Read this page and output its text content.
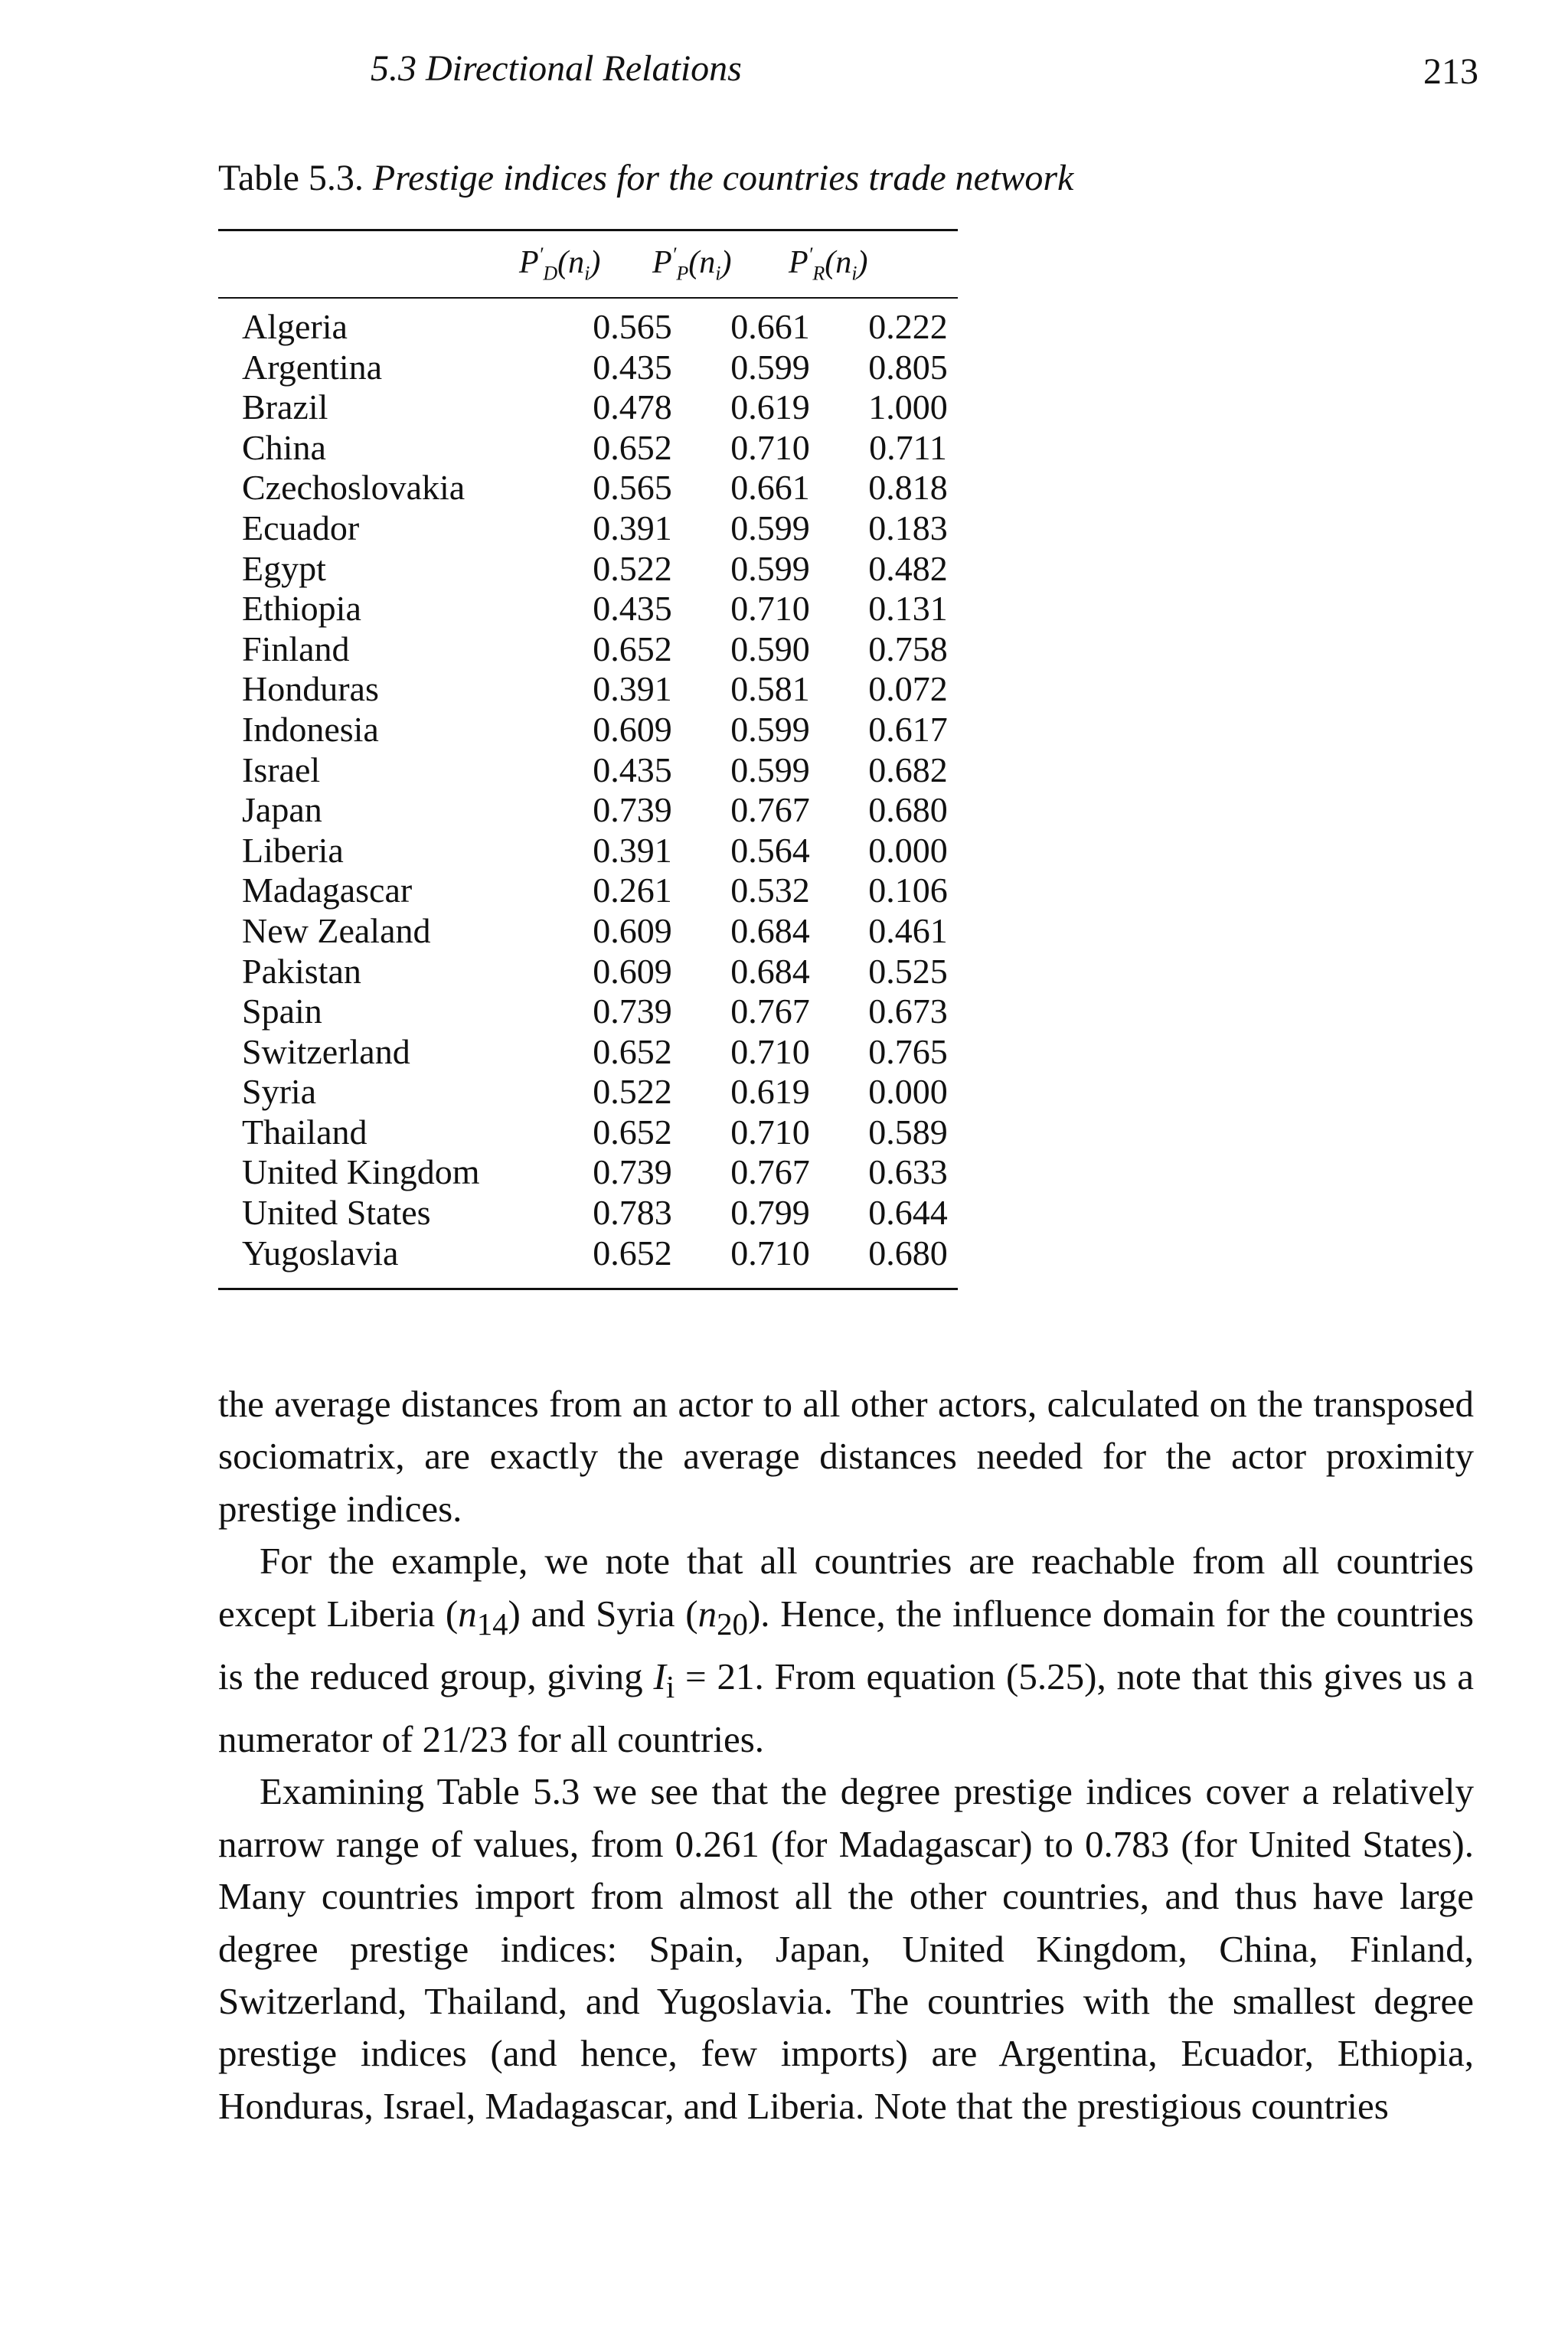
5.3 Directional Relations	213
Table 5.3. Prestige indices for the countries trade network
$P'_D(n_i)$ $P'_P(n_i)$ $P'_R(n_i)$
Algeria	0.565	0.661	0.222
Argentina	0.435	0.599	0.805
Brazil	0.478	0.619	1.000
China	0.652	0.710	0.711
Czechoslovakia	0.565	0.661	0.818
Ecuador	0.391	0.599	0.183
Egypt	0.522	0.599	0.482
Ethiopia	0.435	0.710	0.131
Finland	0.652	0.590	0.758
Honduras	0.391	0.581	0.072
Indonesia	0.609	0.599	0.617
Israel	0.435	0.599	0.682
Japan	0.739	0.767	0.680
Liberia	0.391	0.564	0.000
Madagascar	0.261	0.532	0.106
New Zealand	0.609	0.684	0.461
Pakistan	0.609	0.684	0.525
Spain	0.739	0.767	0.673
Switzerland	0.652	0.710	0.765
Syria	0.522	0.619	0.000
Thailand	0.652	0.710	0.589
United Kingdom	0.739	0.767	0.633
United States	0.783	0.799	0.644
Yugoslavia	0.652	0.710	0.680

the average distances from an actor to all other actors, calculated on the transposed sociomatrix, are exactly the average distances needed for the actor proximity prestige indices.

For the example, we note that all countries are reachable from all countries except Liberia $(n_{14})$ and Syria $(n_{20})$. Hence, the influence domain for the countries is the reduced group, giving $I_i = 21$. From equation (5.25), note that this gives us a numerator of 21/23 for all countries.

Examining Table 5.3 we see that the degree prestige indices cover a relatively narrow range of values, from 0.261 (for Madagascar) to 0.783 (for United States). Many countries import from almost all the other countries, and thus have large degree prestige indices: Spain, Japan, United Kingdom, China, Finland, Switzerland, Thailand, and Yugoslavia. The countries with the smallest degree prestige indices (and hence, few imports) are Argentina, Ecuador, Ethiopia, Honduras, Israel, Madagascar, and Liberia. Note that the prestigious countries
